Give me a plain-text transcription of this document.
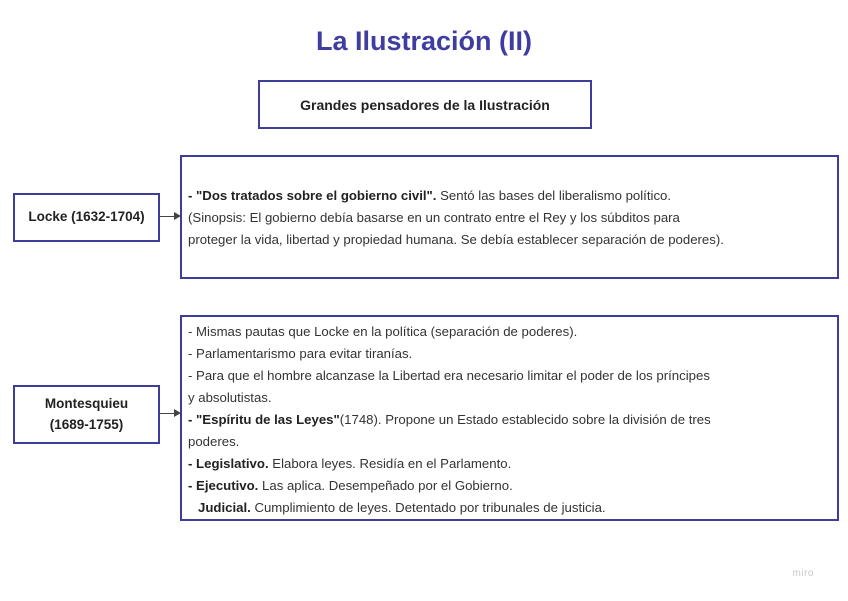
La Ilustración (II)
Grandes pensadores de la Ilustración
Locke (1632-1704)
- "Dos tratados sobre el gobierno civil". Sentó las bases del liberalismo político.
(Sinopsis: El gobierno debía basarse en un contrato entre el Rey y los súbditos para
proteger la vida, libertad y propiedad humana. Se debía establecer separación de poderes).
Montesquieu
(1689-1755)
- Mismas pautas que Locke en la política (separación de poderes).
- Parlamentarismo para evitar tiranías.
- Para que el hombre alcanzase la Libertad era necesario limitar el poder de los príncipes
y absolutistas.
- "Espíritu de las Leyes"(1748). Propone un Estado establecido sobre la división de tres
poderes.
- Legislativo. Elabora leyes. Residía en el Parlamento.
- Ejecutivo. Las aplica. Desempeñado por el Gobierno.
Judicial. Cumplimiento de leyes. Detentado por tribunales de justicia.
miro
